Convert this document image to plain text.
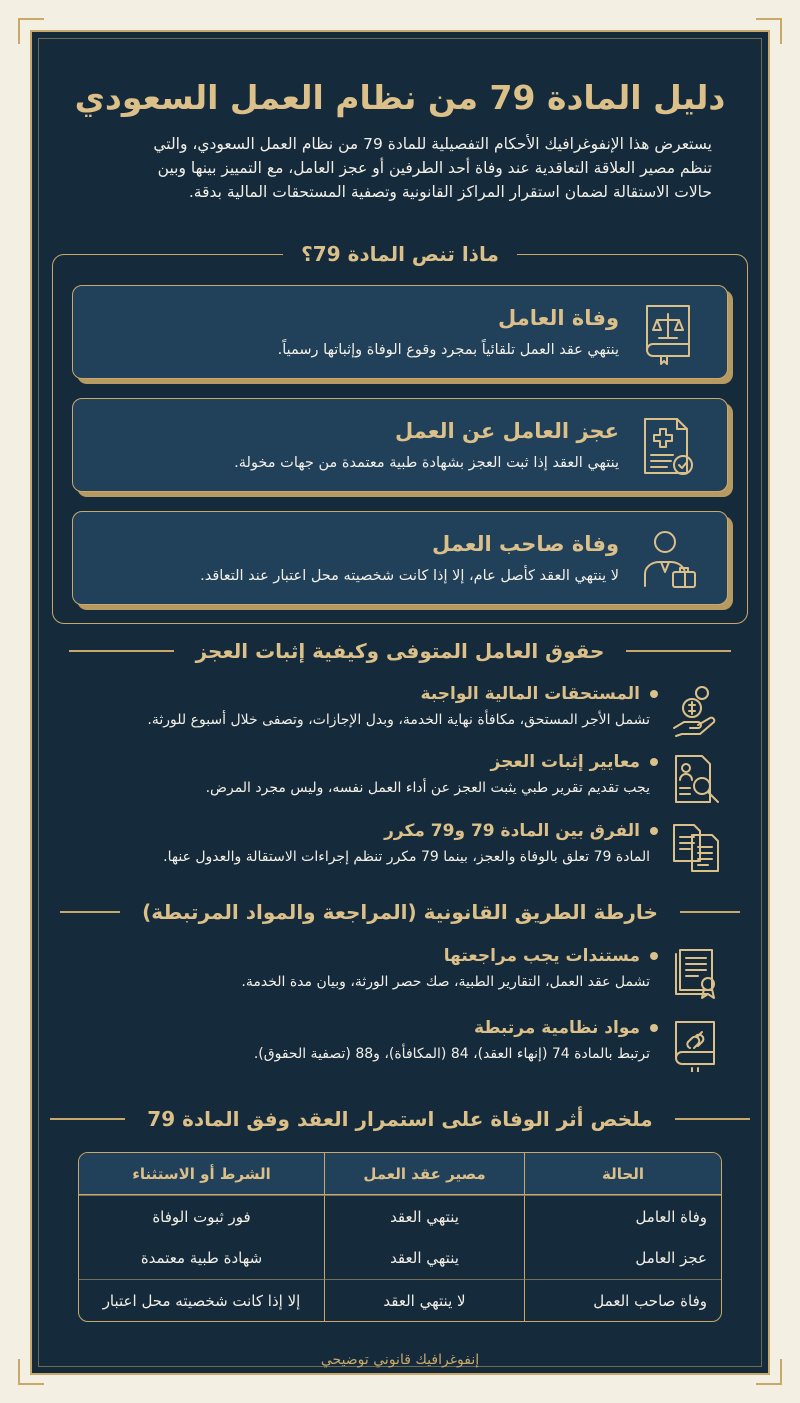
دليل المادة 79 من نظام العمل السعودي
يستعرض هذا الإنفوغرافيك الأحكام التفصيلية للمادة 79 من نظام العمل السعودي، والتي
تنظم مصير العلاقة التعاقدية عند وفاة أحد الطرفين أو عجز العامل، مع التمييز بينها وبين
حالات الاستقالة لضمان استقرار المراكز القانونية وتصفية المستحقات المالية بدقة.
ماذا تنص المادة 79؟
وفاة العامل
ينتهي عقد العمل تلقائياً بمجرد وقوع الوفاة وإثباتها رسمياً.
عجز العامل عن العمل
ينتهي العقد إذا ثبت العجز بشهادة طبية معتمدة من جهات مخولة.
وفاة صاحب العمل
لا ينتهي العقد كأصل عام، إلا إذا كانت شخصيته محل اعتبار عند التعاقد.
حقوق العامل المتوفى وكيفية إثبات العجز
المستحقات المالية الواجبة
تشمل الأجر المستحق، مكافأة نهاية الخدمة، وبدل الإجازات، وتصفى خلال أسبوع للورثة.
معايير إثبات العجز
يجب تقديم تقرير طبي يثبت العجز عن أداء العمل نفسه، وليس مجرد المرض.
الفرق بين المادة 79 و79 مكرر
المادة 79 تعلق بالوفاة والعجز، بينما 79 مكرر تنظم إجراءات الاستقالة والعدول عنها.
خارطة الطريق القانونية (المراجعة والمواد المرتبطة)
مستندات يجب مراجعتها
تشمل عقد العمل، التقارير الطبية، صك حصر الورثة، وبيان مدة الخدمة.
مواد نظامية مرتبطة
ترتبط بالمادة 74 (إنهاء العقد)، 84 (المكافأة)، و88 (تصفية الحقوق).
ملخص أثر الوفاة على استمرار العقد وفق المادة 79
الحالة	مصير عقد العمل	الشرط أو الاستثناء
وفاة العامل	ينتهي العقد	فور ثبوت الوفاة
عجز العامل	ينتهي العقد	شهادة طبية معتمدة
وفاة صاحب العمل	لا ينتهي العقد	إلا إذا كانت شخصيته محل اعتبار
إنفوغرافيك قانوني توضيحي
